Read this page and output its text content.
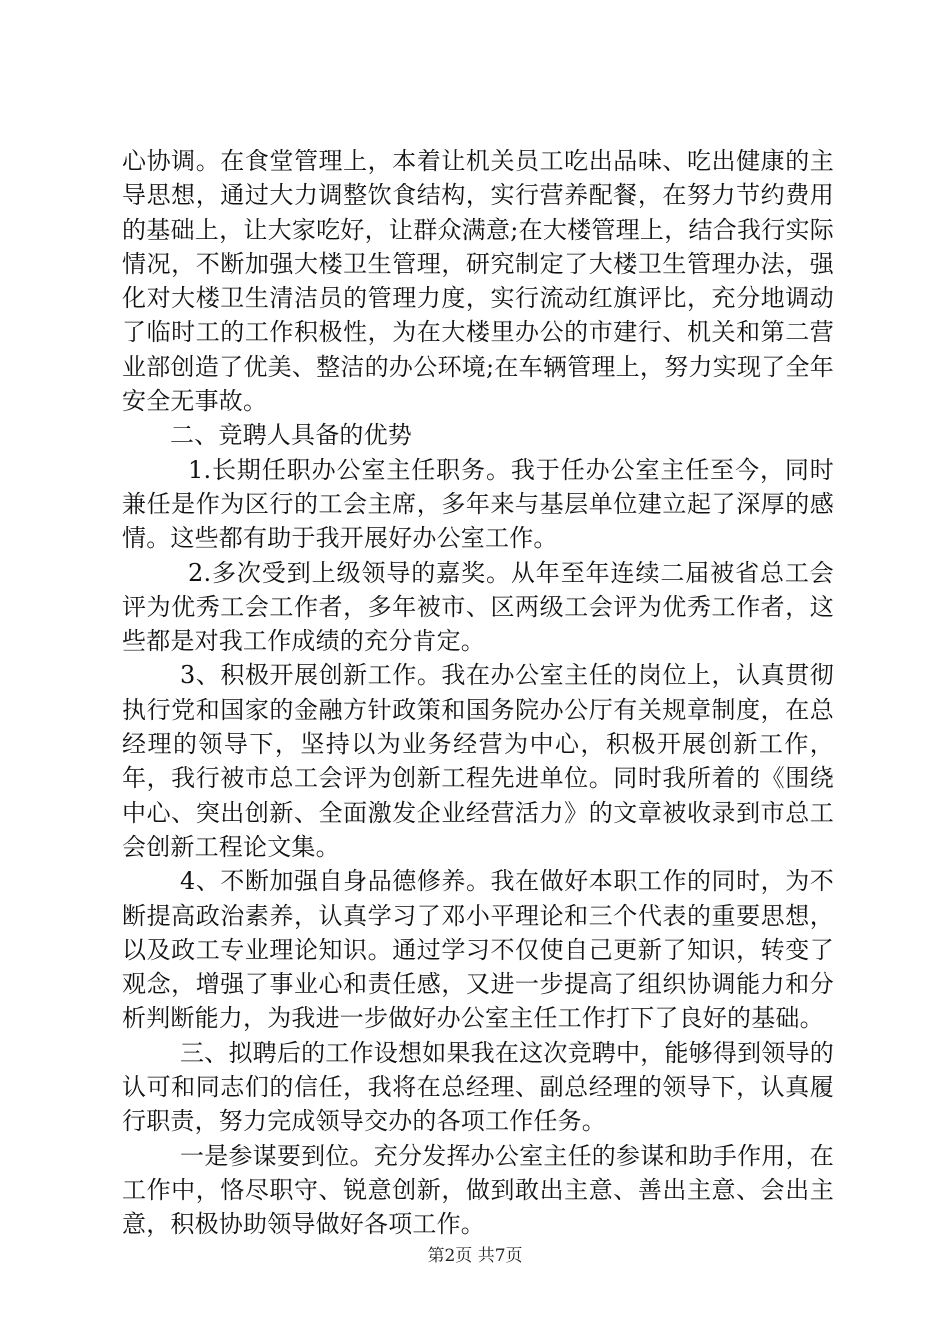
心协调。在食堂管理上，本着让机关员工吃出品味、吃出健康的主导思想，通过大力调整饮食结构，实行营养配餐，在努力节约费用的基础上，让大家吃好，让群众满意;在大楼管理上，结合我行实际情况，不断加强大楼卫生管理，研究制定了大楼卫生管理办法，强化对大楼卫生清洁员的管理力度，实行流动红旗评比，充分地调动了临时工的工作积极性，为在大楼里办公的市建行、机关和第二营业部创造了优美、整洁的办公环境;在车辆管理上，努力实现了全年安全无事故。

二、竞聘人具备的优势

1.长期任职办公室主任职务。我于任办公室主任至今，同时兼任是作为区行的工会主席，多年来与基层单位建立起了深厚的感情。这些都有助于我开展好办公室工作。

2.多次受到上级领导的嘉奖。从年至年连续二届被省总工会评为优秀工会工作者，多年被市、区两级工会评为优秀工作者，这些都是对我工作成绩的充分肯定。

3、积极开展创新工作。我在办公室主任的岗位上，认真贯彻执行党和国家的金融方针政策和国务院办公厅有关规章制度，在总经理的领导下，坚持以为业务经营为中心，积极开展创新工作，年，我行被市总工会评为创新工程先进单位。同时我所着的《围绕中心、突出创新、全面激发企业经营活力》的文章被收录到市总工会创新工程论文集。

4、不断加强自身品德修养。我在做好本职工作的同时，为不断提高政治素养，认真学习了邓小平理论和三个代表的重要思想，以及政工专业理论知识。通过学习不仅使自己更新了知识，转变了观念，增强了事业心和责任感，又进一步提高了组织协调能力和分析判断能力，为我进一步做好办公室主任工作打下了良好的基础。

三、拟聘后的工作设想如果我在这次竞聘中，能够得到领导的认可和同志们的信任，我将在总经理、副总经理的领导下，认真履行职责，努力完成领导交办的各项工作任务。

一是参谋要到位。充分发挥办公室主任的参谋和助手作用，在工作中，恪尽职守、锐意创新，做到敢出主意、善出主意、会出主意，积极协助领导做好各项工作。

第2页 共7页
